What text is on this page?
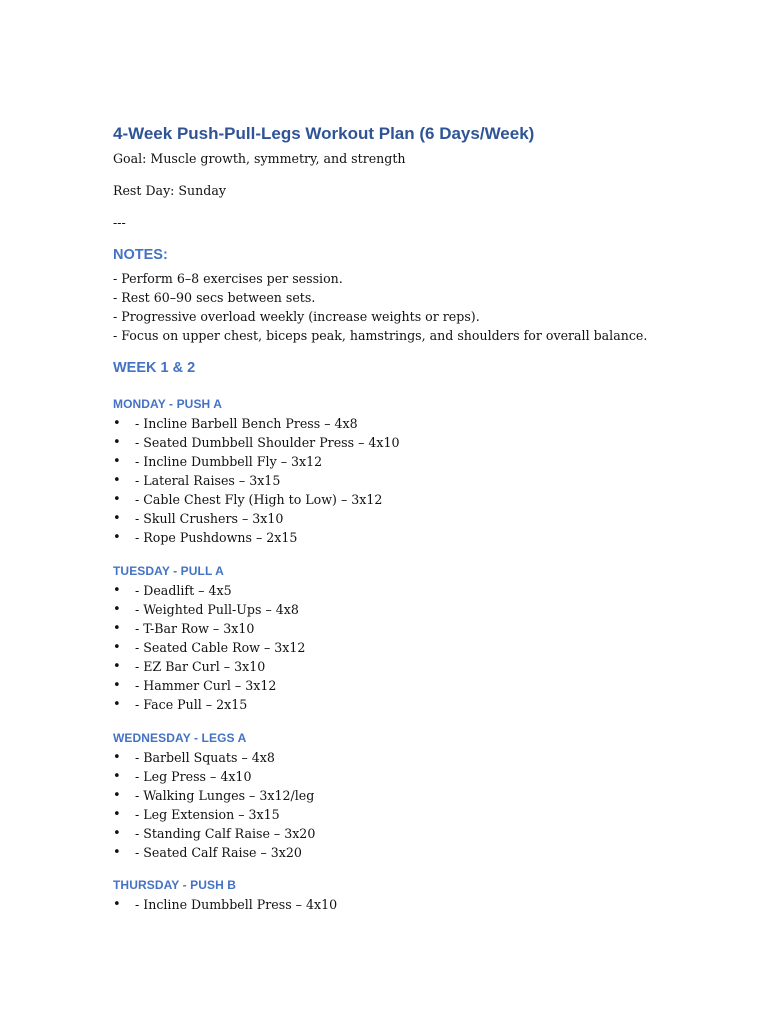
4-Week Push-Pull-Legs Workout Plan (6 Days/Week)
Goal: Muscle growth, symmetry, and strength
Rest Day: Sunday
---
NOTES:
- Perform 6–8 exercises per session.
- Rest 60–90 secs between sets.
- Progressive overload weekly (increase weights or reps).
- Focus on upper chest, biceps peak, hamstrings, and shoulders for overall balance.
WEEK 1 & 2
MONDAY - PUSH A
• - Incline Barbell Bench Press – 4x8
• - Seated Dumbbell Shoulder Press – 4x10
• - Incline Dumbbell Fly – 3x12
• - Lateral Raises – 3x15
• - Cable Chest Fly (High to Low) – 3x12
• - Skull Crushers – 3x10
• - Rope Pushdowns – 2x15
TUESDAY - PULL A
• - Deadlift – 4x5
• - Weighted Pull-Ups – 4x8
• - T-Bar Row – 3x10
• - Seated Cable Row – 3x12
• - EZ Bar Curl – 3x10
• - Hammer Curl – 3x12
• - Face Pull – 2x15
WEDNESDAY - LEGS A
• - Barbell Squats – 4x8
• - Leg Press – 4x10
• - Walking Lunges – 3x12/leg
• - Leg Extension – 3x15
• - Standing Calf Raise – 3x20
• - Seated Calf Raise – 3x20
THURSDAY - PUSH B
• - Incline Dumbbell Press – 4x10
